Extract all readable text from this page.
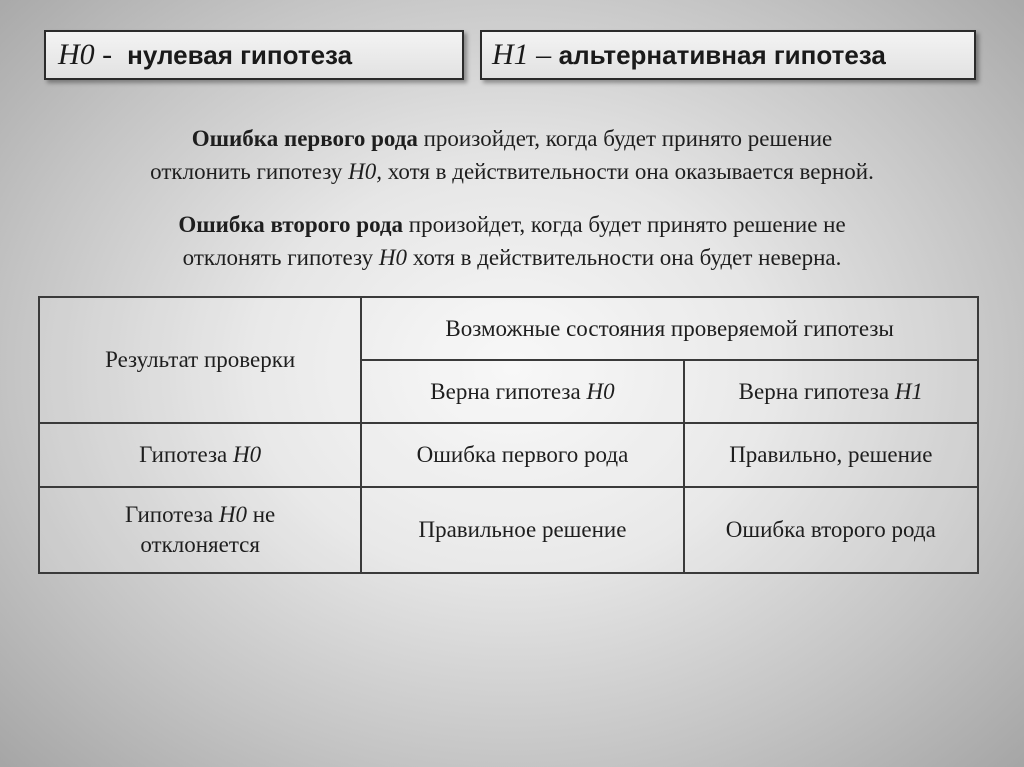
H0 -
нулевая гипотеза	H1 –
альтернативная гипотеза
Ошибка первого рода произойдет, когда будет принято решение
отклонить гипотезу H0, хотя в действительности она оказывается верной.
Ошибка второго рода произойдет, когда будет принято решение не
отклонять гипотезу H0 хотя в действительности она будет неверна.
Результат проверки	Возможные состояния проверяемой гипотезы	
	Верна гипотеза H0	Верна гипотеза H1
Гипотеза H0	Ошибка первого рода	Правильно, решение
Гипотеза H0 не
отклоняется	Правильное решение	Ошибка второго рода
